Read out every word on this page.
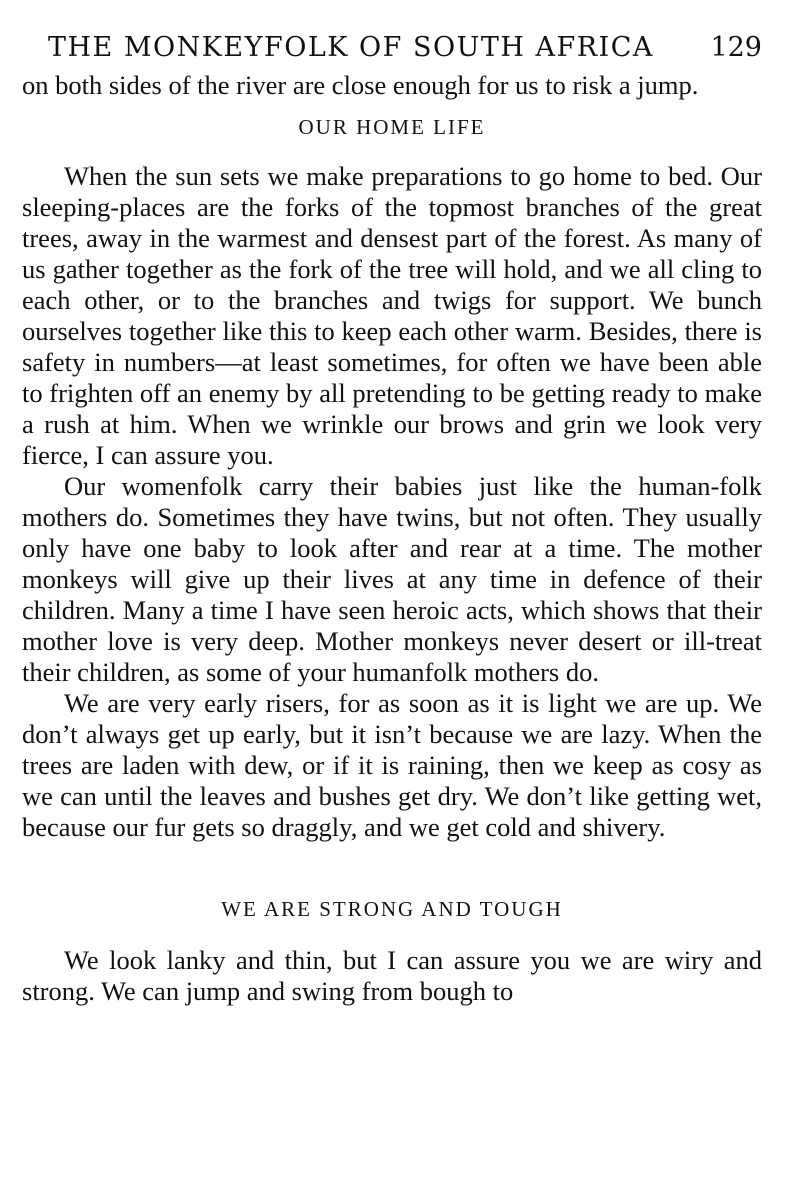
THE MONKEYFOLK OF SOUTH AFRICA 129

on both sides of the river are close enough for us to risk a jump.

OUR HOME LIFE

When the sun sets we make preparations to go home to bed. Our sleeping-places are the forks of the topmost branches of the great trees, away in the warmest and densest part of the forest. As many of us gather together as the fork of the tree will hold, and we all cling to each other, or to the branches and twigs for support. We bunch ourselves together like this to keep each other warm. Besides, there is safety in numbers—at least sometimes, for often we have been able to frighten off an enemy by all pretending to be getting ready to make a rush at him. When we wrinkle our brows and grin we look very fierce, I can assure you.

Our womenfolk carry their babies just like the human-folk mothers do. Sometimes they have twins, but not often. They usually only have one baby to look after and rear at a time. The mother monkeys will give up their lives at any time in defence of their children. Many a time I have seen heroic acts, which shows that their mother love is very deep. Mother monkeys never desert or ill-treat their children, as some of your humanfolk mothers do.

We are very early risers, for as soon as it is light we are up. We don’t always get up early, but it isn’t because we are lazy. When the trees are laden with dew, or if it is raining, then we keep as cosy as we can until the leaves and bushes get dry. We don’t like getting wet, because our fur gets so draggly, and we get cold and shivery.

WE ARE STRONG AND TOUGH

We look lanky and thin, but I can assure you we are wiry and strong. We can jump and swing from bough to
